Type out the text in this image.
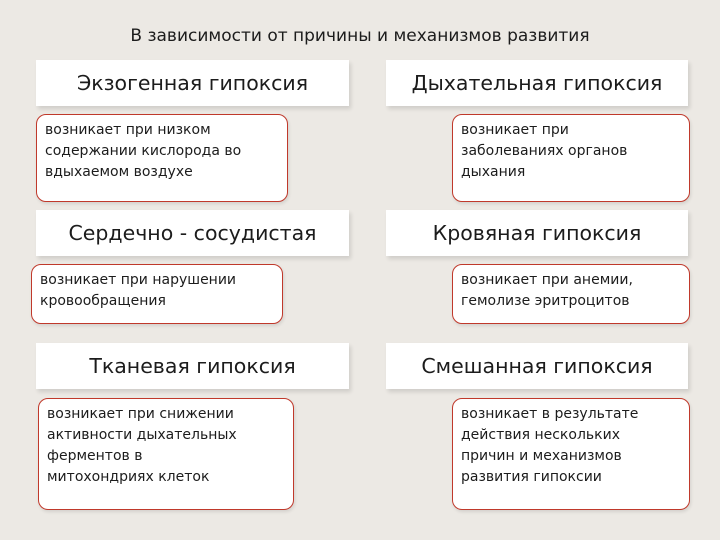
В зависимости от причины и механизмов развития
Экзогенная гипоксия	Дыхательная гипоксия
возникает при низком
содержании кислорода во
вдыхаемом воздухе
возникает при
заболеваниях органов
дыхания
Сердечно - сосудистая	Кровяная гипоксия
возникает при нарушении
кровообращения
возникает при анемии,
гемолизе эритроцитов
Тканевая гипоксия	Смешанная гипоксия
возникает при снижении
активности дыхательных
ферментов в
митохондриях клеток
возникает в результате
действия нескольких
причин и механизмов
развития гипоксии
